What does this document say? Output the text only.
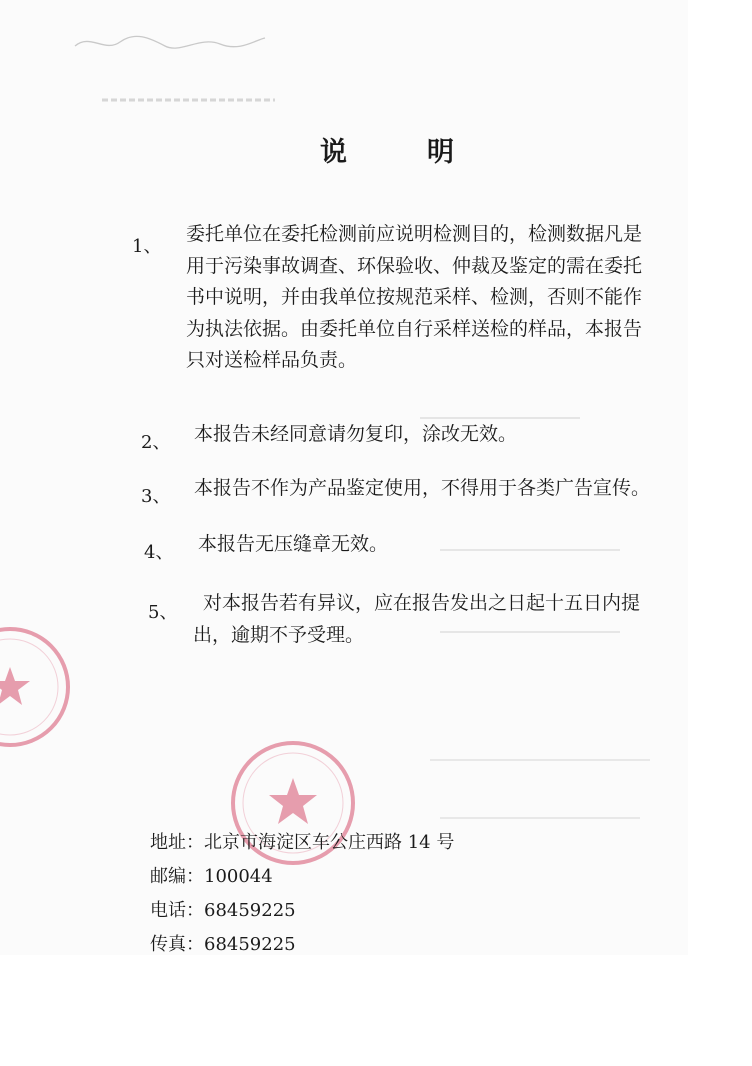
说	明
1、
委托单位在委托检测前应说明检测目的，检测数据凡是
用于污染事故调查、环保验收、仲裁及鉴定的需在委托
书中说明，并由我单位按规范采样、检测，否则不能作
为执法依据。由委托单位自行采样送检的样品，本报告
只对送检样品负责。
2、 本报告未经同意请勿复印，涂改无效。
3、 本报告不作为产品鉴定使用，不得用于各类广告宣传。
4、 本报告无压缝章无效。
5、	对本报告若有异议，应在报告发出之日起十五日内提
出，逾期不予受理。
地址：北京市海淀区车公庄西路 14 号
邮编：100044
电话：68459225
传真：68459225
